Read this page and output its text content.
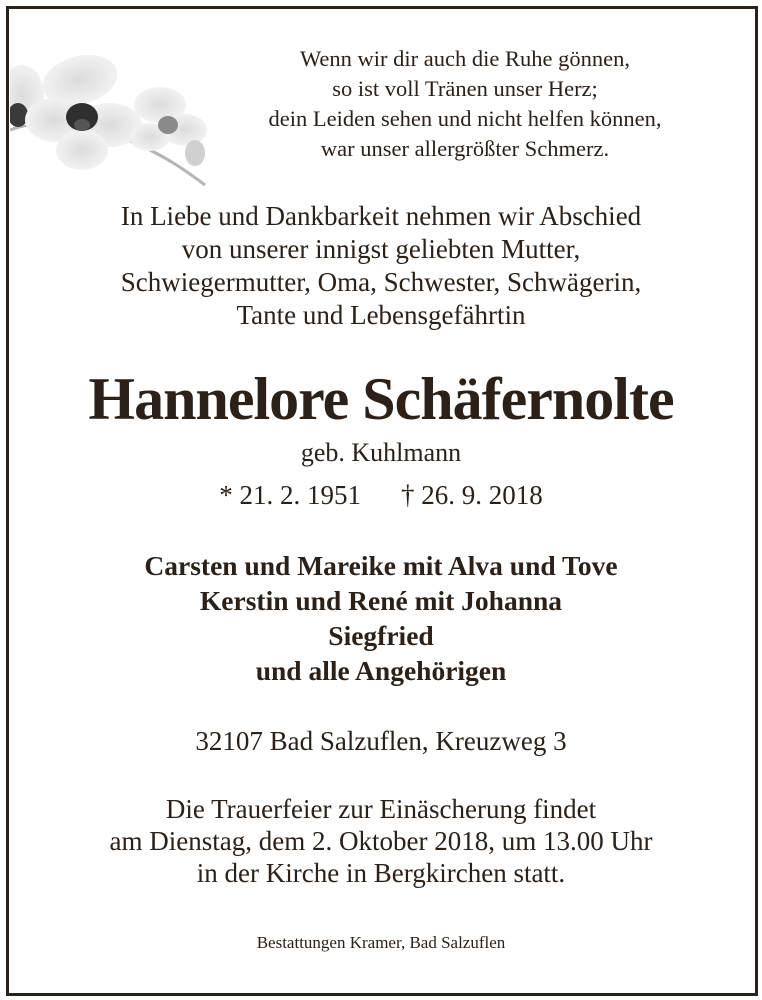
Wenn wir dir auch die Ruhe gönnen,
so ist voll Tränen unser Herz;
dein Leiden sehen und nicht helfen können,
war unser allergrößter Schmerz.
In Liebe und Dankbarkeit nehmen wir Abschied
von unserer innigst geliebten Mutter,
Schwiegermutter, Oma, Schwester, Schwägerin,
Tante und Lebensgefährtin
Hannelore Schäfernolte
geb. Kuhlmann
* 21. 2. 1951 † 26. 9. 2018
Carsten und Mareike mit Alva und Tove
Kerstin und René mit Johanna
Siegfried
und alle Angehörigen
32107 Bad Salzuflen, Kreuzweg 3
Die Trauerfeier zur Einäscherung findet
am Dienstag, dem 2. Oktober 2018, um 13.00 Uhr
in der Kirche in Bergkirchen statt.
Bestattungen Kramer, Bad Salzuflen
